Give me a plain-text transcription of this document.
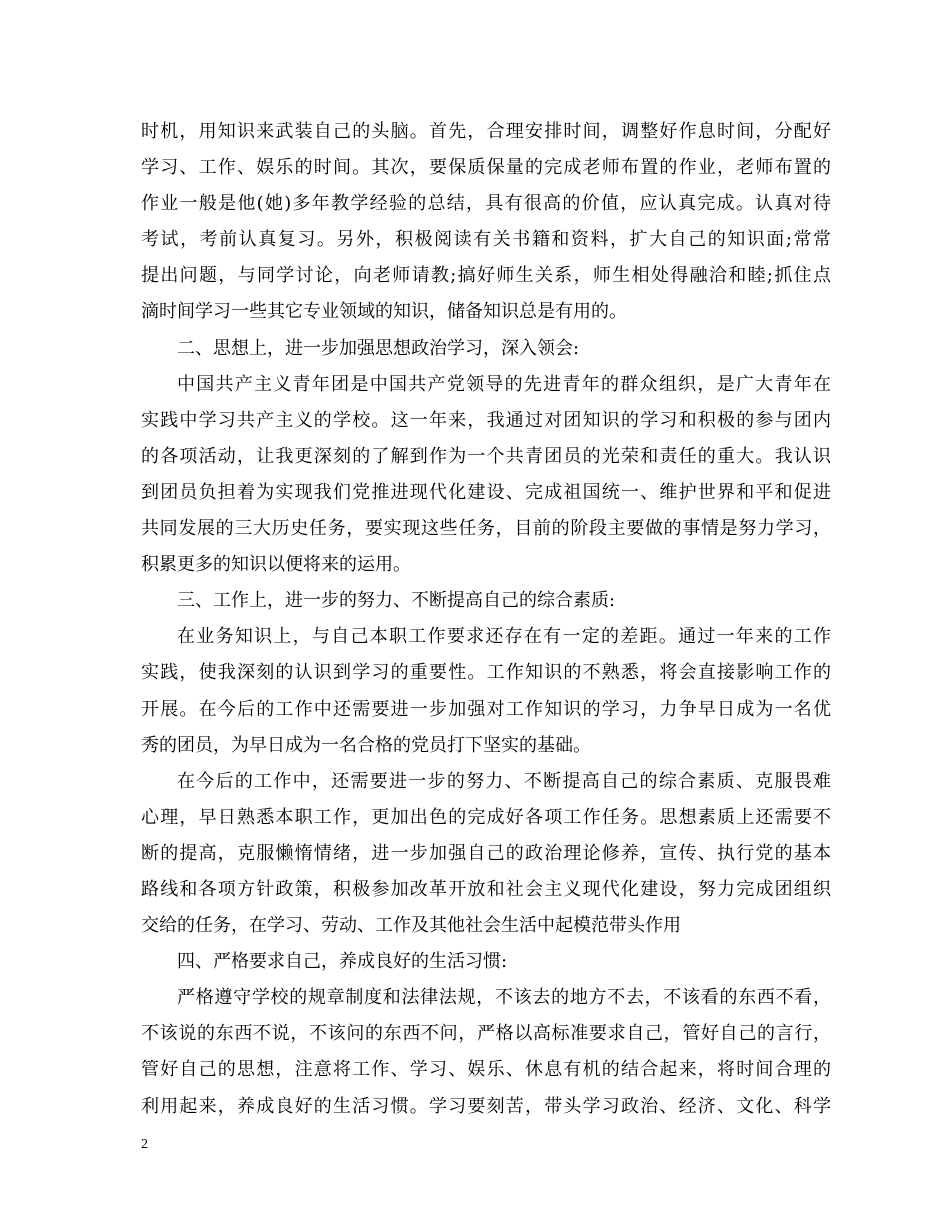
时机，用知识来武装自己的头脑。首先，合理安排时间，调整好作息时间，分配好
学习、工作、娱乐的时间。其次，要保质保量的完成老师布置的作业，老师布置的
作业一般是他(她)多年教学经验的总结，具有很高的价值，应认真完成。认真对待
考试，考前认真复习。另外，积极阅读有关书籍和资料，扩大自己的知识面;常常
提出问题，与同学讨论，向老师请教;搞好师生关系，师生相处得融洽和睦;抓住点
滴时间学习一些其它专业领域的知识，储备知识总是有用的。
二、思想上，进一步加强思想政治学习，深入领会:
中国共产主义青年团是中国共产党领导的先进青年的群众组织，是广大青年在
实践中学习共产主义的学校。这一年来，我通过对团知识的学习和积极的参与团内
的各项活动，让我更深刻的了解到作为一个共青团员的光荣和责任的重大。我认识
到团员负担着为实现我们党推进现代化建设、完成祖国统一、维护世界和平和促进
共同发展的三大历史任务，要实现这些任务，目前的阶段主要做的事情是努力学习，
积累更多的知识以便将来的运用。
三、工作上，进一步的努力、不断提高自己的综合素质:
在业务知识上，与自己本职工作要求还存在有一定的差距。通过一年来的工作
实践，使我深刻的认识到学习的重要性。工作知识的不熟悉，将会直接影响工作的
开展。在今后的工作中还需要进一步加强对工作知识的学习，力争早日成为一名优
秀的团员，为早日成为一名合格的党员打下坚实的基础。
在今后的工作中，还需要进一步的努力、不断提高自己的综合素质、克服畏难
心理，早日熟悉本职工作，更加出色的完成好各项工作任务。思想素质上还需要不
断的提高，克服懒惰情绪，进一步加强自己的政治理论修养，宣传、执行党的基本
路线和各项方针政策，积极参加改革开放和社会主义现代化建设，努力完成团组织
交给的任务，在学习、劳动、工作及其他社会生活中起模范带头作用
四、严格要求自己，养成良好的生活习惯:
严格遵守学校的规章制度和法律法规，不该去的地方不去，不该看的东西不看，
不该说的东西不说，不该问的东西不问，严格以高标准要求自己，管好自己的言行，
管好自己的思想，注意将工作、学习、娱乐、休息有机的结合起来，将时间合理的
利用起来，养成良好的生活习惯。学习要刻苦，带头学习政治、经济、文化、科学
2
